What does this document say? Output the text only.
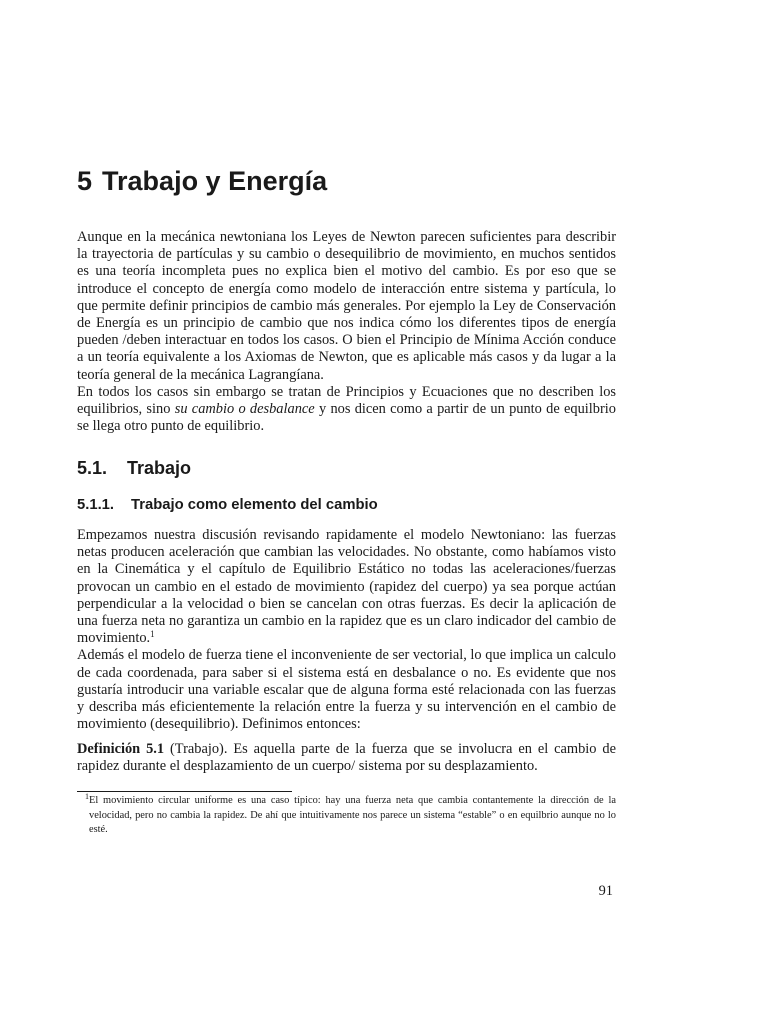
5 Trabajo y Energía

Aunque en la mecánica newtoniana los Leyes de Newton parecen suficientes para describir la trayectoria de partículas y su cambio o desequilibrio de movimiento, en muchos sentidos es una teoría incompleta pues no explica bien el motivo del cambio. Es por eso que se introduce el concepto de energía como modelo de interacción entre sistema y partícula, lo que permite definir principios de cambio más generales. Por ejemplo la Ley de Conservación de Energía es un principio de cambio que nos indica cómo los diferentes tipos de energía pueden /deben interactuar en todos los casos. O bien el Principio de Mínima Acción conduce a un teoría equivalente a los Axiomas de Newton, que es aplicable más casos y da lugar a la teoría general de la mecánica Lagrangíana.

En todos los casos sin embargo se tratan de Principios y Ecuaciones que no describen los equilibrios, sino su cambio o desbalance y nos dicen como a partir de un punto de equilbrio se llega otro punto de equilibrio.

5.1. Trabajo
5.1.1. Trabajo como elemento del cambio

Empezamos nuestra discusión revisando rapidamente el modelo Newtoniano: las fuerzas netas producen aceleración que cambian las velocidades. No obstante, como habíamos visto en la Cinemática y el capítulo de Equilibrio Estático no todas las aceleraciones/fuerzas provocan un cambio en el estado de movimiento (rapidez del cuerpo) ya sea porque actúan perpendicular a la velocidad o bien se cancelan con otras fuerzas. Es decir la aplicación de una fuerza neta no garantiza un cambio en la rapidez que es un claro indicador del cambio de movimiento.$^1$

Además el modelo de fuerza tiene el inconveniente de ser vectorial, lo que implica un calculo de cada coordenada, para saber si el sistema está en desbalance o no. Es evidente que nos gustaría introducir una variable escalar que de alguna forma esté relacionada con las fuerzas y describa más eficientemente la relación entre la fuerza y su intervención en el cambio de movimiento (desequilibrio). Definimos entonces:

Definición 5.1 (Trabajo). Es aquella parte de la fuerza que se involucra en el cambio de rapidez durante el desplazamiento de un cuerpo/ sistema por su desplazamiento.

$^1$El movimiento circular uniforme es una caso típico: hay una fuerza neta que cambia contantemente la dirección de la velocidad, pero no cambia la rapidez. De ahí que intuitivamente nos parece un sistema “estable” o en equilbrio aunque no lo esté.

91
